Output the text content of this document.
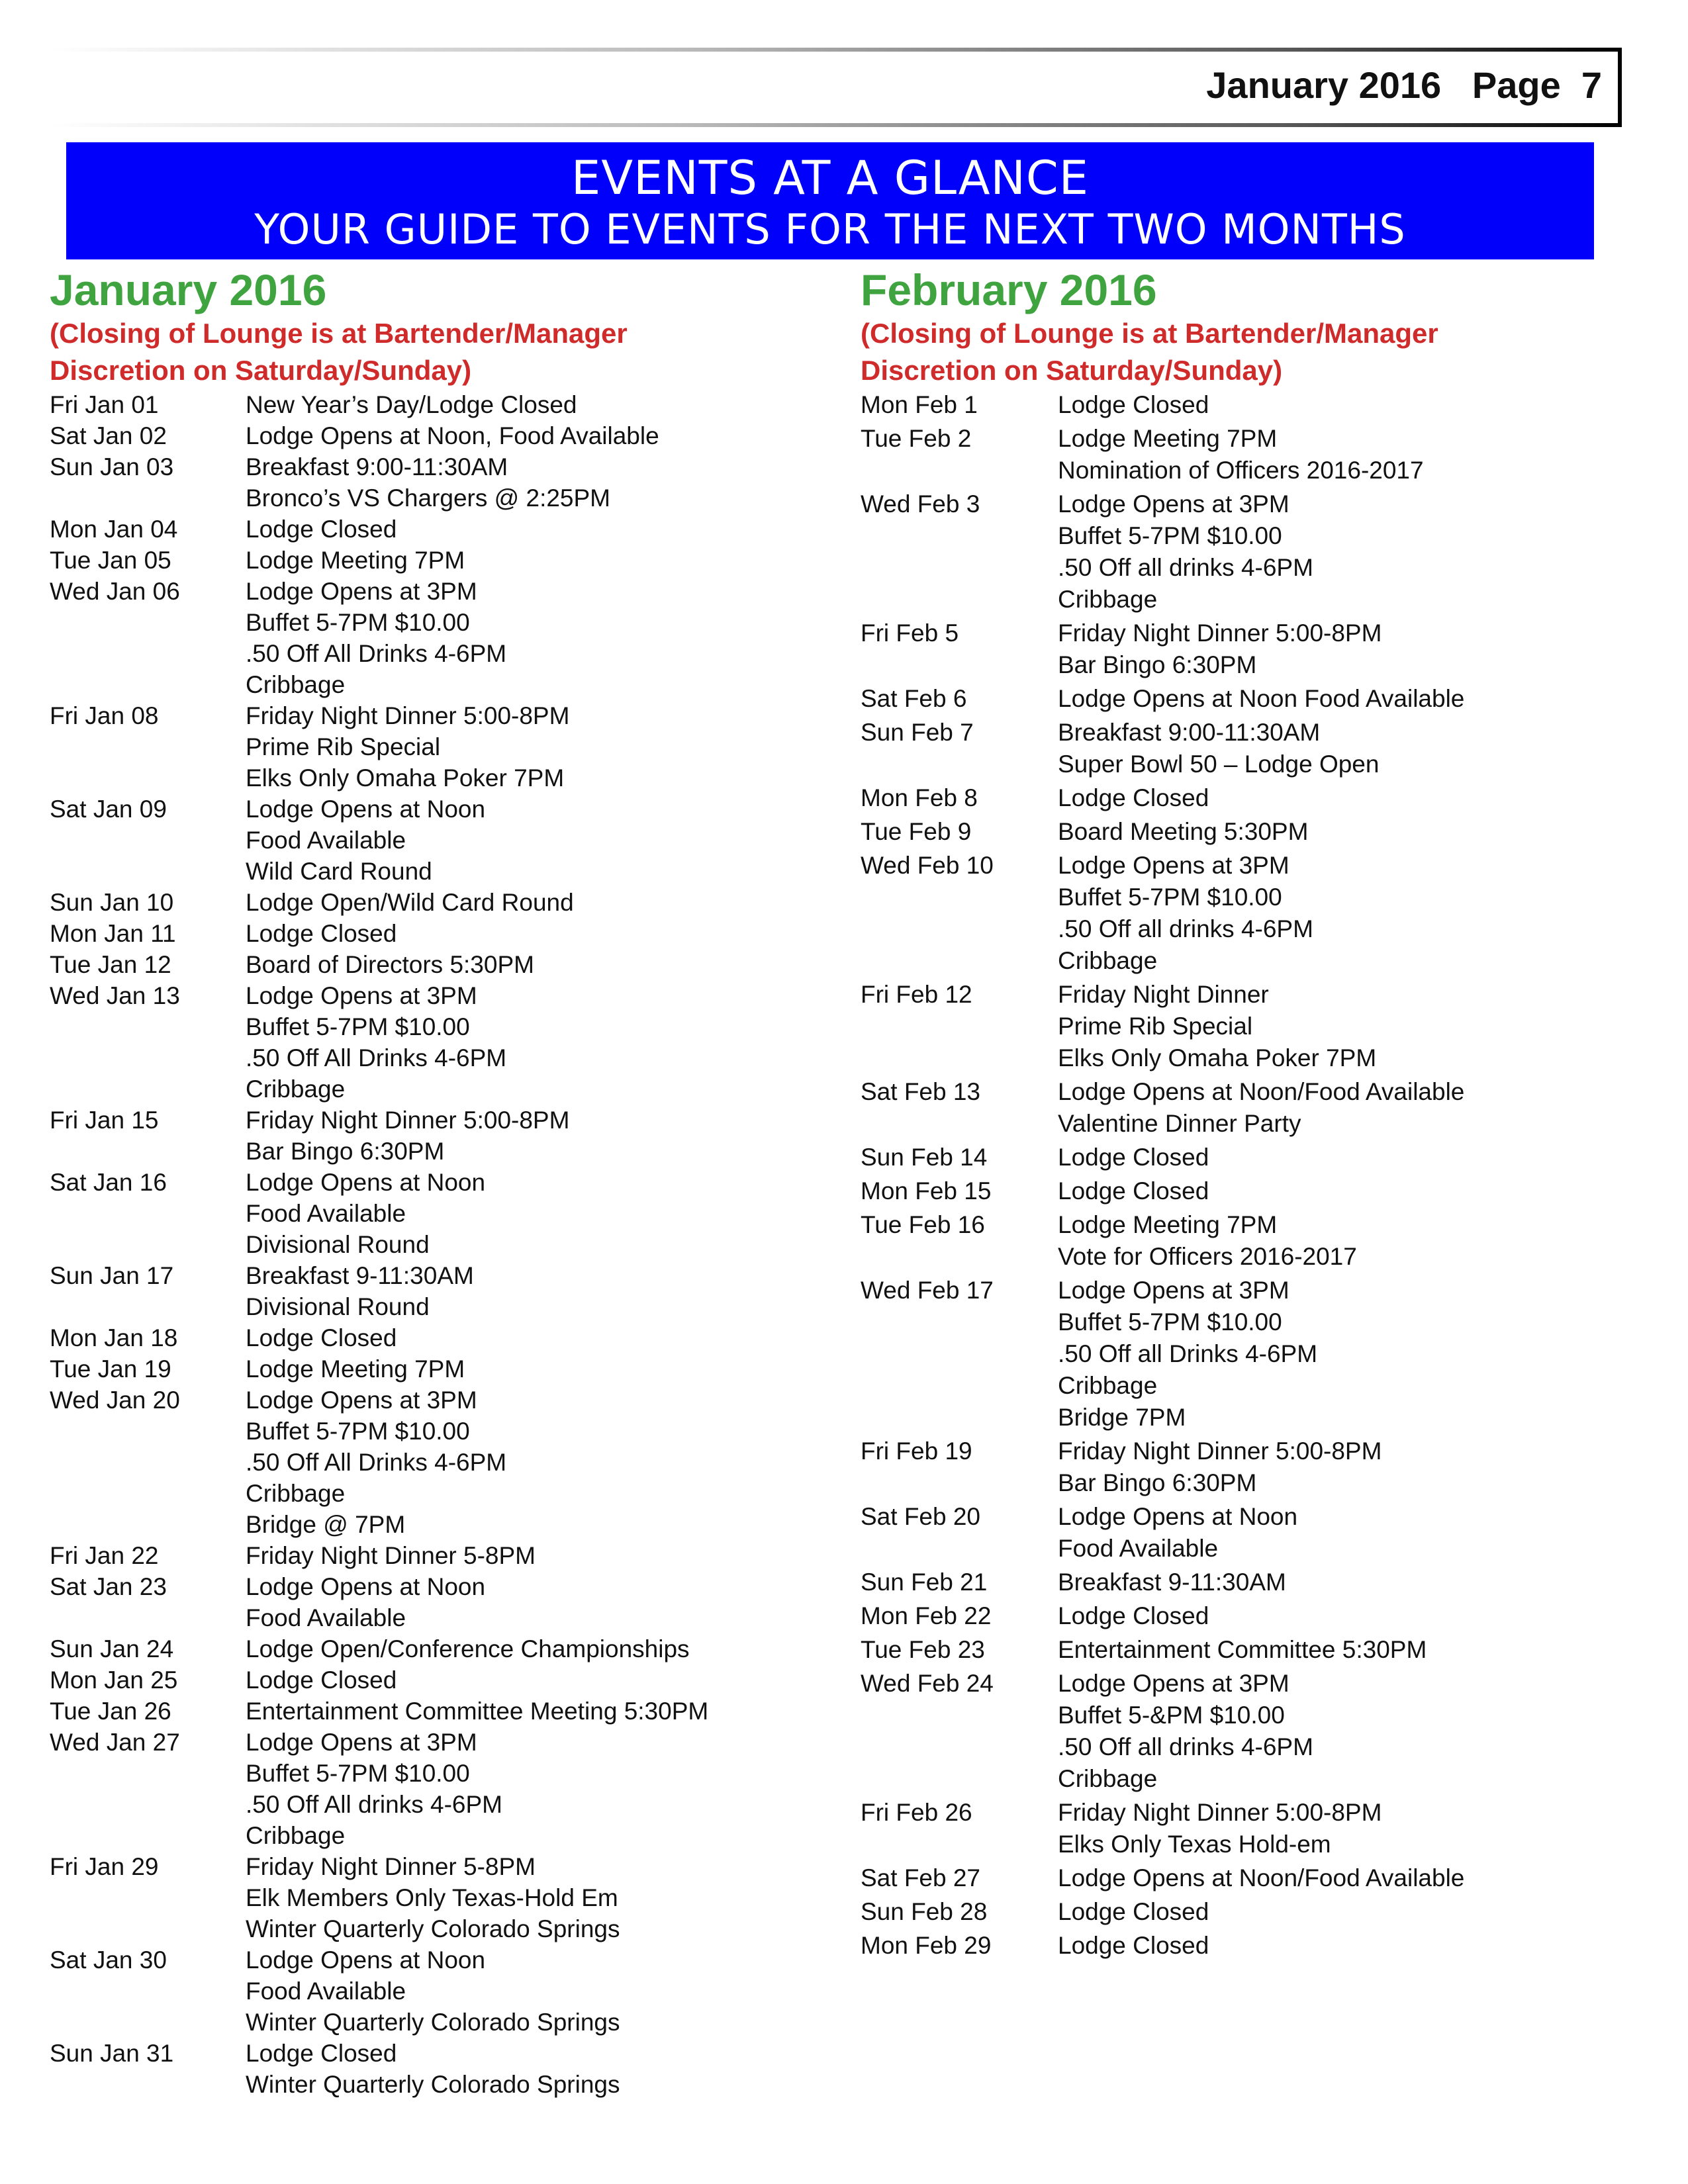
January 2016 Page  7
EVENTS AT A GLANCE
YOUR GUIDE TO EVENTS FOR THE NEXT TWO MONTHS
January 2016
(Closing of Lounge is at Bartender/Manager
Discretion on Saturday/Sunday)
Fri Jan 01	New Year’s Day/Lodge Closed
Sat Jan 02	Lodge Opens at Noon, Food Available
Sun Jan 03	Breakfast 9:00-11:30AM
Bronco’s VS Chargers @ 2:25PM
Mon Jan 04	Lodge Closed
Tue Jan 05	Lodge Meeting 7PM
Wed Jan 06	Lodge Opens at 3PM
Buffet 5-7PM $10.00
.50 Off All Drinks 4-6PM
Cribbage
Fri Jan 08	Friday Night Dinner 5:00-8PM
Prime Rib Special
Elks Only Omaha Poker 7PM
Sat Jan 09	Lodge Opens at Noon
Food Available
Wild Card Round
Sun Jan 10	Lodge Open/Wild Card Round
Mon Jan 11	Lodge Closed
Tue Jan 12	Board of Directors 5:30PM
Wed Jan 13	Lodge Opens at 3PM
Buffet 5-7PM $10.00
.50 Off All Drinks 4-6PM
Cribbage
Fri Jan 15	Friday Night Dinner 5:00-8PM
Bar Bingo 6:30PM
Sat Jan 16	Lodge Opens at Noon
Food Available
Divisional Round
Sun Jan 17	Breakfast 9-11:30AM
Divisional Round
Mon Jan 18	Lodge Closed
Tue Jan 19	Lodge Meeting 7PM
Wed Jan 20	Lodge Opens at 3PM
Buffet 5-7PM $10.00
.50 Off All Drinks 4-6PM
Cribbage
Bridge @ 7PM
Fri Jan 22	Friday Night Dinner 5-8PM
Sat Jan 23	Lodge Opens at Noon
Food Available
Sun Jan 24	Lodge Open/Conference Championships
Mon Jan 25	Lodge Closed
Tue Jan 26	Entertainment Committee Meeting 5:30PM
Wed Jan 27	Lodge Opens at 3PM
Buffet 5-7PM $10.00
.50 Off All drinks 4-6PM
Cribbage
Fri Jan 29	Friday Night Dinner 5-8PM
Elk Members Only Texas-Hold Em
Winter Quarterly Colorado Springs
Sat Jan 30	Lodge Opens at Noon
Food Available
Winter Quarterly Colorado Springs
Sun Jan 31	Lodge Closed
Winter Quarterly Colorado Springs
February 2016
(Closing of Lounge is at Bartender/Manager
Discretion on Saturday/Sunday)
Mon Feb 1	Lodge Closed
Tue Feb 2	Lodge Meeting 7PM
Nomination of Officers 2016-2017
Wed Feb 3	Lodge Opens at 3PM
Buffet 5-7PM $10.00
.50 Off all drinks 4-6PM
Cribbage
Fri Feb 5	Friday Night Dinner 5:00-8PM
Bar Bingo 6:30PM
Sat Feb 6	Lodge Opens at Noon Food Available
Sun Feb 7	Breakfast 9:00-11:30AM
Super Bowl 50 – Lodge Open
Mon Feb 8	Lodge Closed
Tue Feb 9	Board Meeting 5:30PM
Wed Feb 10	Lodge Opens at 3PM
Buffet 5-7PM $10.00
.50 Off all drinks 4-6PM
Cribbage
Fri Feb 12	Friday Night Dinner
Prime Rib Special
Elks Only Omaha Poker 7PM
Sat Feb 13	Lodge Opens at Noon/Food Available
Valentine Dinner Party
Sun Feb 14	Lodge Closed
Mon Feb 15	Lodge Closed
Tue Feb 16	Lodge Meeting 7PM
Vote for Officers 2016-2017
Wed Feb 17	Lodge Opens at 3PM
Buffet 5-7PM $10.00
.50 Off all Drinks 4-6PM
Cribbage
Bridge 7PM
Fri Feb 19	Friday Night Dinner 5:00-8PM
Bar Bingo 6:30PM
Sat Feb 20	Lodge Opens at Noon
Food Available
Sun Feb 21	Breakfast 9-11:30AM
Mon Feb 22	Lodge Closed
Tue Feb 23	Entertainment Committee 5:30PM
Wed Feb 24	Lodge Opens at 3PM
Buffet 5-&PM $10.00
.50 Off all drinks 4-6PM
Cribbage
Fri Feb 26	Friday Night Dinner 5:00-8PM
Elks Only Texas Hold-em
Sat Feb 27	Lodge Opens at Noon/Food Available
Sun Feb 28	Lodge Closed
Mon Feb 29	Lodge Closed
